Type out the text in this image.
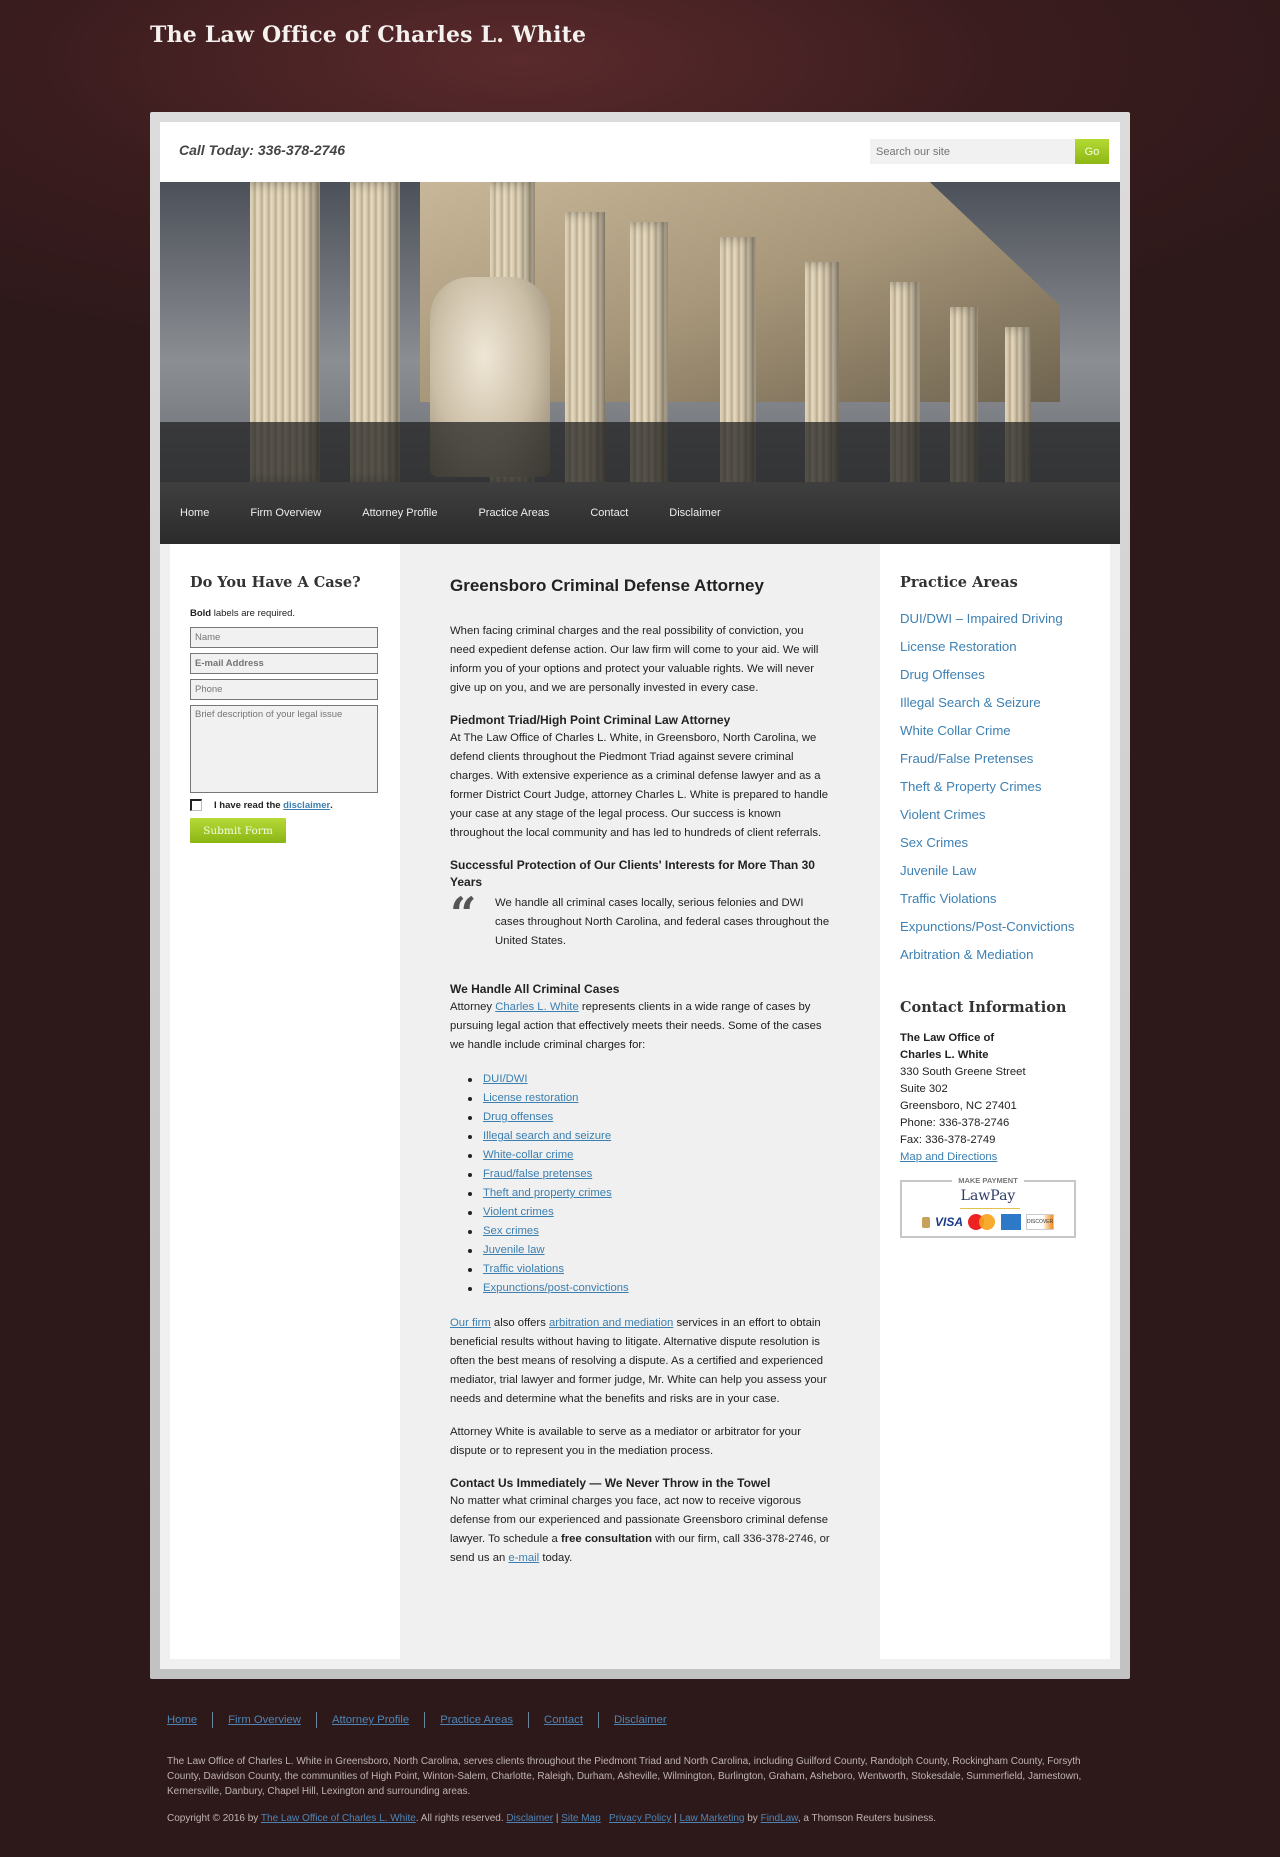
The Law Office of Charles L. White
Call Today: 336-378-2746
Search our site	Go
Home	Firm Overview	Attorney Profile	Practice Areas	Contact	Disclaimer
Do You Have A Case?
Bold labels are required.
Name
E-mail Address
Phone
Brief description of your legal issue
I have read the disclaimer .
Submit Form
Greensboro Criminal Defense Attorney

When facing criminal charges and the real possibility of conviction, you need expedient defense action. Our law firm will come to your aid. We will inform you of your options and protect your valuable rights. We will never give up on you, and we are personally invested in every case.

Piedmont Triad/High Point Criminal Law Attorney

At The Law Office of Charles L. White, in Greensboro, North Carolina, we defend clients throughout the Piedmont Triad against severe criminal charges. With extensive experience as a criminal defense lawyer and as a former District Court Judge, attorney Charles L. White is prepared to handle your case at any stage of the legal process. Our success is known throughout the local community and has led to hundreds of client referrals.

Successful Protection of Our Clients' Interests for More Than 30 Years
“	We handle all criminal cases locally, serious felonies and DWI cases throughout North Carolina, and federal cases throughout the United States.

We Handle All Criminal Cases

Attorney Charles L. White represents clients in a wide range of cases by pursuing legal action that effectively meets their needs. Some of the cases we handle include criminal charges for:

DUI/DWI
License restoration
Drug offenses
Illegal search and seizure
White-collar crime
Fraud/false pretenses
Theft and property crimes
Violent crimes
Sex crimes
Juvenile law
Traffic violations
Expunctions/post-convictions

Our firm also offers arbitration and mediation services in an effort to obtain beneficial results without having to litigate. Alternative dispute resolution is often the best means of resolving a dispute. As a certified and experienced mediator, trial lawyer and former judge, Mr. White can help you assess your needs and determine what the benefits and risks are in your case.

Attorney White is available to serve as a mediator or arbitrator for your dispute or to represent you in the mediation process.

Contact Us Immediately — We Never Throw in the Towel

No matter what criminal charges you face, act now to receive vigorous defense from our experienced and passionate Greensboro criminal defense lawyer. To schedule a free consultation with our firm, call 336-378-2746, or send us an e-mail today.

Practice Areas
DUI/DWI – Impaired Driving
License Restoration
Drug Offenses
Illegal Search & Seizure
White Collar Crime
Fraud/False Pretenses
Theft & Property Crimes
Violent Crimes
Sex Crimes
Juvenile Law
Traffic Violations
Expunctions/Post-Convictions
Arbitration & Mediation
Contact Information
The Law Office of
Charles L. White
330 South Greene Street
Suite 302
Greensboro, NC 27401
Phone: 336-378-2746
Fax: 336-378-2749
Map and Directions
MAKE PAYMENT
LawPay
VISA	DISCOVER
Home	Firm Overview	Attorney Profile	Practice Areas	Contact	Disclaimer
The Law Office of Charles L. White in Greensboro, North Carolina, serves clients throughout the Piedmont Triad and North Carolina, including Guilford County, Randolph County, Rockingham County, Forsyth County, Davidson County, the communities of High Point, Winton-Salem, Charlotte, Raleigh, Durham, Asheville, Wilmington, Burlington, Graham, Asheboro, Wentworth, Stokesdale, Summerfield, Jamestown, Kernersville, Danbury, Chapel Hill, Lexington and surrounding areas.
Copyright © 2016 by The Law Office of Charles L. White. All rights reserved. Disclaimer | Site Map Privacy Policy | Law Marketing by FindLaw, a Thomson Reuters business.
